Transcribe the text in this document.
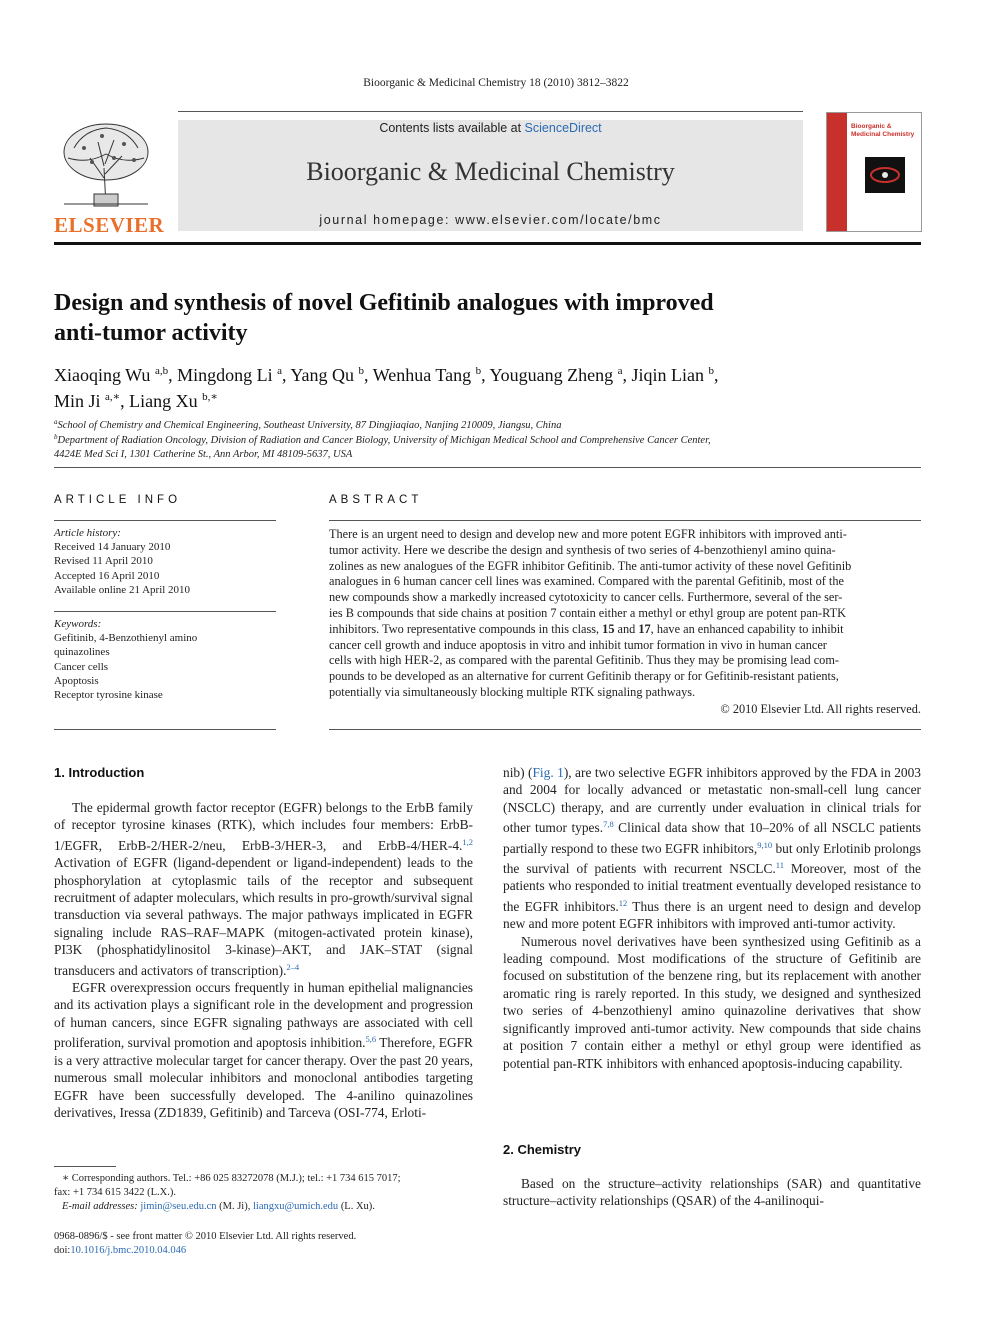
Bioorganic & Medicinal Chemistry 18 (2010) 3812–3822
ELSEVIER
Contents lists available at ScienceDirect
Bioorganic & Medicinal Chemistry
journal homepage: www.elsevier.com/locate/bmc
Bioorganic & Medicinal Chemistry
Design and synthesis of novel Gefitinib analogues with improved
anti-tumor activity
Xiaoqing Wu $^{a,b}$, Mingdong Li $^a$, Yang Qu $^b$, Wenhua Tang $^b$, Youguang Zheng $^a$, Jiqin Lian $^b$,
Min Ji $^{a,∗}$, Liang Xu $^{b,∗}$
$^a$School of Chemistry and Chemical Engineering, Southeast University, 87 Dingjiaqiao, Nanjing 210009, Jiangsu, China
$^b$Department of Radiation Oncology, Division of Radiation and Cancer Biology, University of Michigan Medical School and Comprehensive Cancer Center,
4424E Med Sci I, 1301 Catherine St., Ann Arbor, MI 48109-5637, USA
ARTICLE INFO
Article history:
Received 14 January 2010
Revised 11 April 2010
Accepted 16 April 2010
Available online 21 April 2010
Keywords:
Gefitinib, 4-Benzothienyl amino
quinazolines
Cancer cells
Apoptosis
Receptor tyrosine kinase
ABSTRACT
There is an urgent need to design and develop new and more potent EGFR inhibitors with improved anti-
tumor activity. Here we describe the design and synthesis of two series of 4-benzothienyl amino quina-
zolines as new analogues of the EGFR inhibitor Gefitinib. The anti-tumor activity of these novel Gefitinib
analogues in 6 human cancer cell lines was examined. Compared with the parental Gefitinib, most of the
new compounds show a markedly increased cytotoxicity to cancer cells. Furthermore, several of the ser-
ies B compounds that side chains at position 7 contain either a methyl or ethyl group are potent pan-RTK
inhibitors. Two representative compounds in this class, 15 and 17, have an enhanced capability to inhibit
cancer cell growth and induce apoptosis in vitro and inhibit tumor formation in vivo in human cancer
cells with high HER-2, as compared with the parental Gefitinib. Thus they may be promising lead com-
pounds to be developed as an alternative for current Gefitinib therapy or for Gefitinib-resistant patients,
potentially via simultaneously blocking multiple RTK signaling pathways.
© 2010 Elsevier Ltd. All rights reserved.
1. Introduction

The epidermal growth factor receptor (EGFR) belongs to the ErbB family of receptor tyrosine kinases (RTK), which includes four members: ErbB-1/EGFR, ErbB-2/HER-2/neu, ErbB-3/HER-3, and ErbB-4/HER-4.$^{1,2}$ Activation of EGFR (ligand-dependent or ligand-independent) leads to the phosphorylation at cytoplasmic tails of the receptor and subsequent recruitment of adapter moleculars, which results in pro-growth/survival signal transduction via several pathways. The major pathways implicated in EGFR signaling include RAS–RAF–MAPK (mitogen-activated protein kinase), PI3K (phosphatidylinositol 3-kinase)–AKT, and JAK–STAT (signal transducers and activators of transcription).$^{2-4}$

EGFR overexpression occurs frequently in human epithelial malignancies and its activation plays a significant role in the development and progression of human cancers, since EGFR signaling pathways are associated with cell proliferation, survival promotion and apoptosis inhibition.$^{5,6}$ Therefore, EGFR is a very attractive molecular target for cancer therapy. Over the past 20 years, numerous small molecular inhibitors and monoclonal antibodies targeting EGFR have been successfully developed. The 4-anilino quinazolines derivatives, Iressa (ZD1839, Gefitinib) and Tarceva (OSI-774, Erloti-

nib) (Fig. 1), are two selective EGFR inhibitors approved by the FDA in 2003 and 2004 for locally advanced or metastatic non-small-cell lung cancer (NSCLC) therapy, and are currently under evaluation in clinical trials for other tumor types.$^{7,8}$ Clinical data show that 10–20% of all NSCLC patients partially respond to these two EGFR inhibitors,$^{9,10}$ but only Erlotinib prolongs the survival of patients with recurrent NSCLC.$^{11}$ Moreover, most of the patients who responded to initial treatment eventually developed resistance to the EGFR inhibitors.$^{12}$ Thus there is an urgent need to design and develop new and more potent EGFR inhibitors with improved anti-tumor activity.

Numerous novel derivatives have been synthesized using Gefitinib as a leading compound. Most modifications of the structure of Gefitinib are focused on substitution of the benzene ring, but its replacement with another aromatic ring is rarely reported. In this study, we designed and synthesized two series of 4-benzothienyl amino quinazoline derivatives that show significantly improved anti-tumor activity. New compounds that side chains at position 7 contain either a methyl or ethyl group were identified as potential pan-RTK inhibitors with enhanced apoptosis-inducing capability.

2. Chemistry

Based on the structure–activity relationships (SAR) and quantitative structure–activity relationships (QSAR) of the 4-anilinoqui-

∗ Corresponding authors. Tel.: +86 025 83272078 (M.J.); tel.: +1 734 615 7017;
fax: +1 734 615 3422 (L.X.).
E-mail addresses: jimin@seu.edu.cn (M. Ji), liangxu@umich.edu (L. Xu).
0968-0896/$ - see front matter © 2010 Elsevier Ltd. All rights reserved.
doi:10.1016/j.bmc.2010.04.046
